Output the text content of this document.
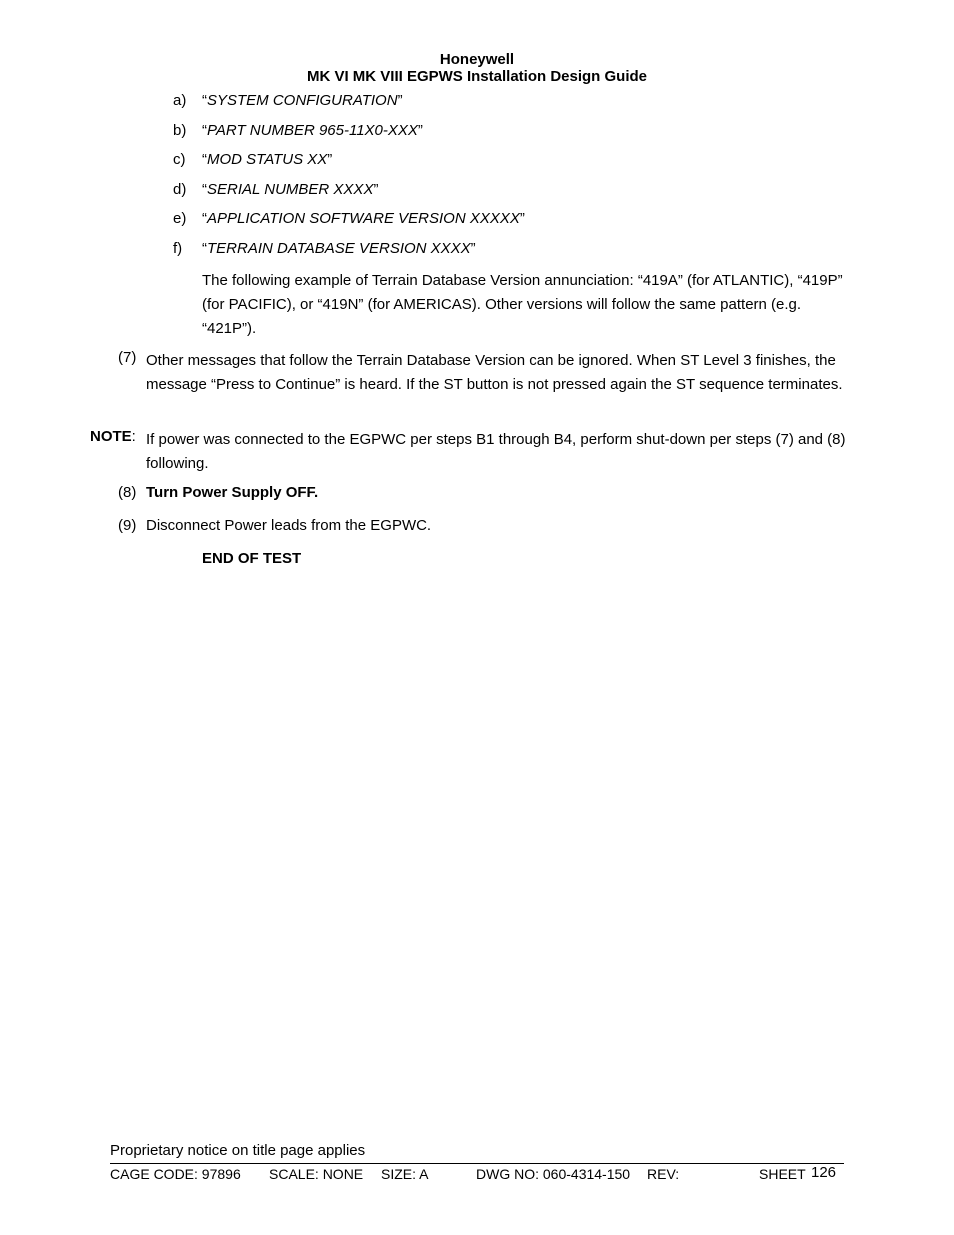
Honeywell
MK VI MK VIII EGPWS Installation Design Guide
a) “SYSTEM CONFIGURATION”
b) “PART NUMBER 965-11X0-XXX”
c) “MOD STATUS XX”
d) “SERIAL NUMBER XXXX”
e) “APPLICATION SOFTWARE VERSION XXXXX”
f) “TERRAIN DATABASE VERSION XXXX”
The following example of Terrain Database Version annunciation: “419A” (for ATLANTIC), “419P” (for PACIFIC), or “419N” (for AMERICAS). Other versions will follow the same pattern (e.g. “421P”).
(7) Other messages that follow the Terrain Database Version can be ignored. When ST Level 3 finishes, the message “Press to Continue” is heard. If the ST button is not pressed again the ST sequence terminates.
NOTE: If power was connected to the EGPWC per steps B1 through B4, perform shut-down per steps (7) and (8) following.
(8) Turn Power Supply OFF.
(9) Disconnect Power leads from the EGPWC.
END OF TEST
Proprietary notice on title page applies
CAGE CODE: 97896 SCALE: NONE SIZE: A	DWG NO: 060-4314-150 REV:	SHEET 126
